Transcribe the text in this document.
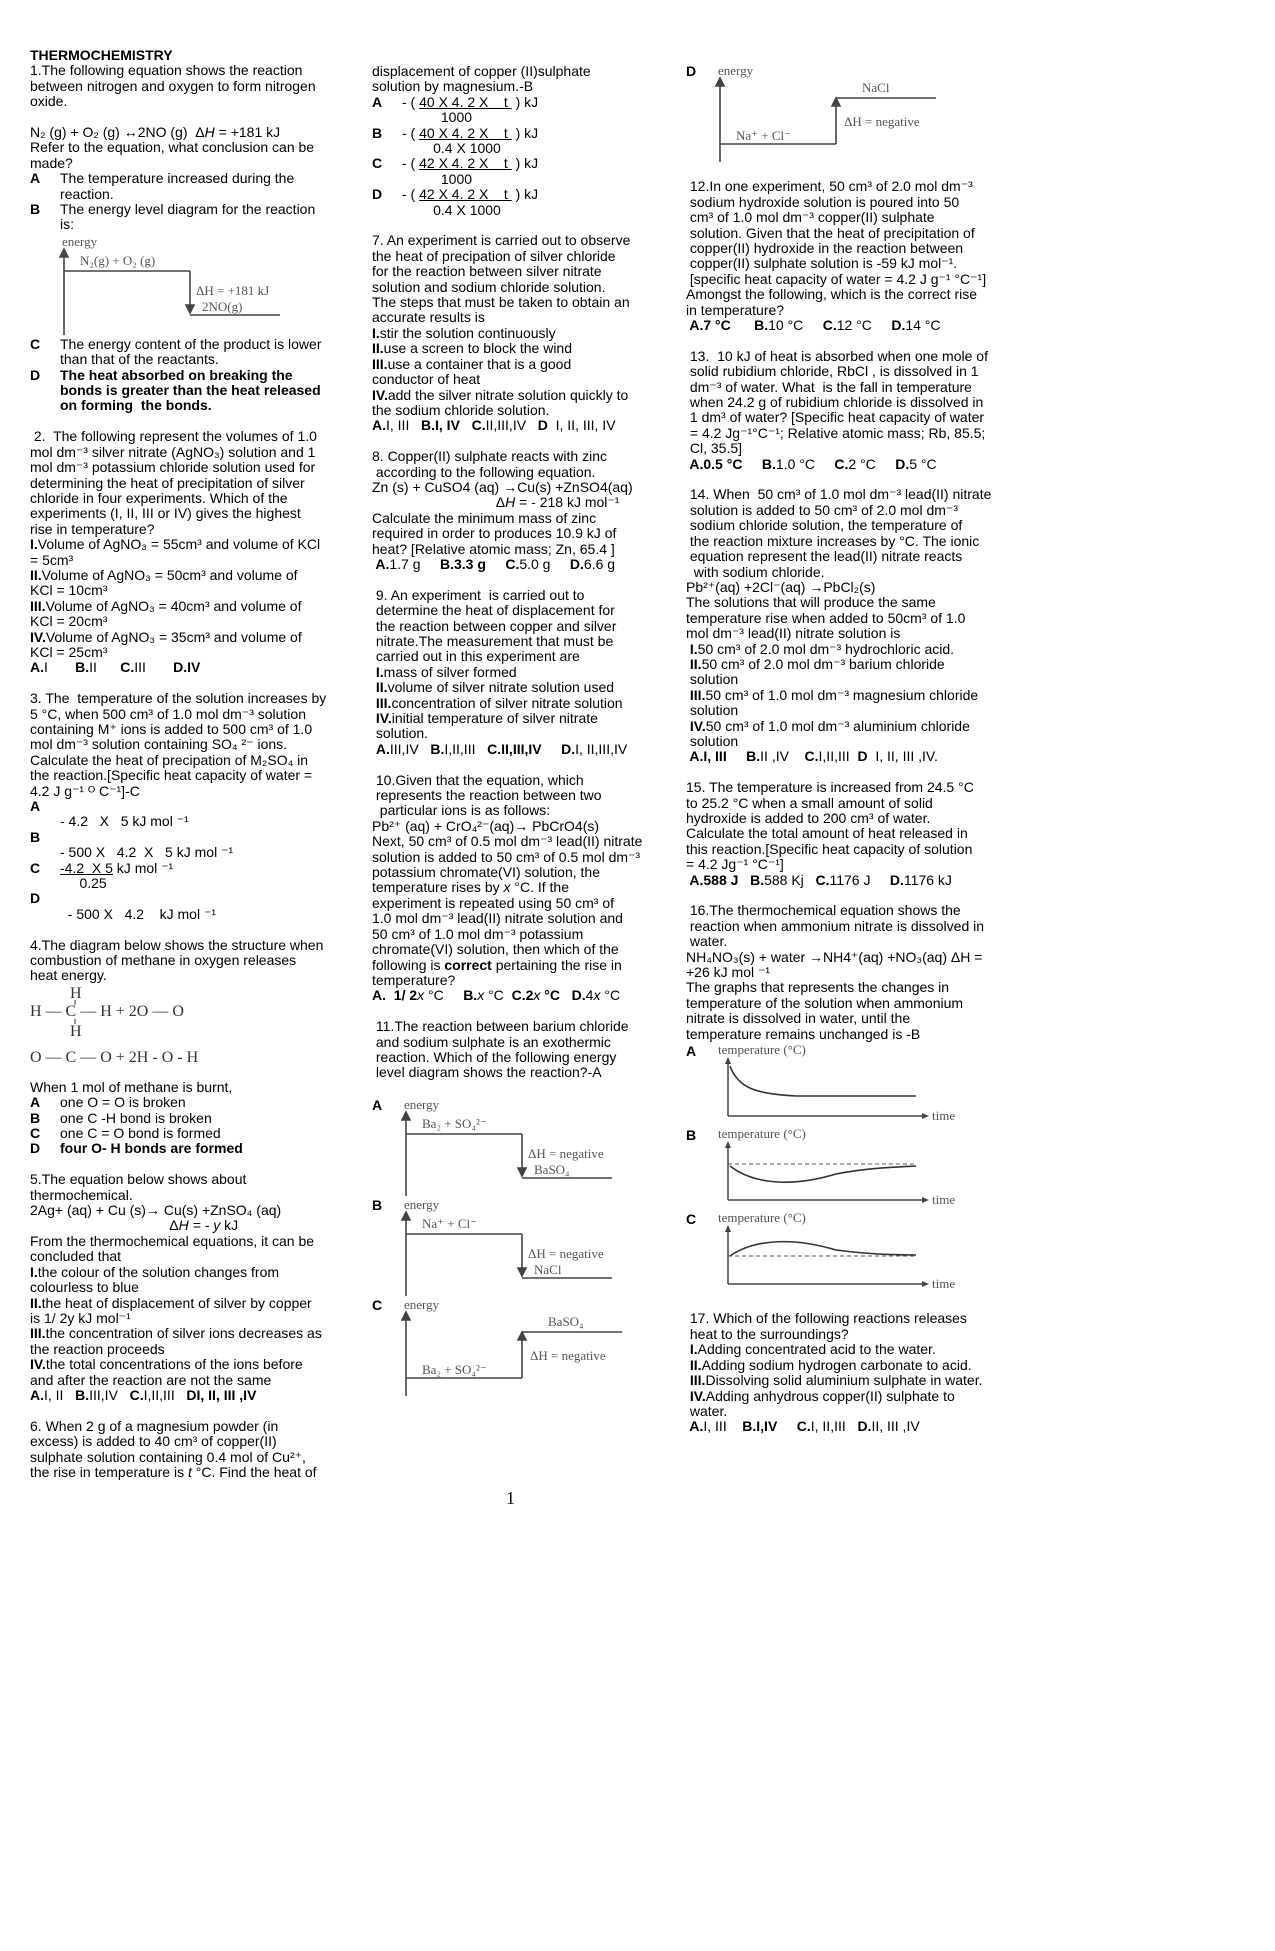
THERMOCHEMISTRY
1.The following equation shows the reaction
between nitrogen and oxygen to form nitrogen
oxide.
N₂ (g) + O₂ (g) ↔2NO (g)  ΔH = +181 kJ
Refer to the equation, what conclusion can be
made?
A	The temperature increased during the
reaction.
B	The energy level diagram for the reaction
is:
energy
N₂(g) + O₂ (g)
ΔH = +181 kJ
2NO(g)
C	The energy content of the product is lower
than that of the reactants.
D	The heat absorbed on breaking the
bonds is greater than the heat released
on forming  the bonds.
2.  The following represent the volumes of 1.0
mol dm⁻³ silver nitrate (AgNO₃) solution and 1
mol dm⁻³ potassium chloride solution used for
determining the heat of precipitation of silver
chloride in four experiments. Which of the
experiments (I, II, III or IV) gives the highest
rise in temperature?
I.Volume of AgNO₃ = 55cm³ and volume of KCl
= 5cm³
II.Volume of AgNO₃ = 50cm³ and volume of
KCl = 10cm³
III.Volume of AgNO₃ = 40cm³ and volume of
KCl = 20cm³
IV.Volume of AgNO₃ = 35cm³ and volume of
KCl = 25cm³
A.I       B.II      C.III       D.IV
3. The  temperature of the solution increases by
5 °C, when 500 cm³ of 1.0 mol dm⁻³ solution
containing M⁺ ions is added to 500 cm³ of 1.0
mol dm⁻³ solution containing SO₄ ²⁻ ions.
Calculate the heat of precipation of M₂SO₄ in
the reaction.[Specific heat capacity of water =
4.2 J g⁻¹ ᴼ C⁻¹]-C
A
- 4.2   X   5 kJ mol ⁻¹
B
- 500 X   4.2  X   5 kJ mol ⁻¹
C	-4.2  X 5 kJ mol ⁻¹
0.25
D
- 500 X   4.2    kJ mol ⁻¹
4.The diagram below shows the structure when
combustion of methane in oxygen releases
heat energy.
H
H — C — H + 2O — O
H
O — C — O + 2H - O - H
When 1 mol of methane is burnt,
A	one O = O is broken
B	one C -H bond is broken
C	one C = O bond is formed
D	four O- H bonds are formed
5.The equation below shows about
thermochemical.
2Ag+ (aq) + Cu (s)→ Cu(s) +ZnSO₄ (aq)
ΔH = - y kJ
From the thermochemical equations, it can be
concluded that
I.the colour of the solution changes from
colourless to blue
II.the heat of displacement of silver by copper
is 1/ 2y kJ mol⁻¹
III.the concentration of silver ions decreases as
the reaction proceeds
IV.the total concentrations of the ions before
and after the reaction are not the same
A.I, II   B.III,IV   C.I,II,III   DI, II, III ,IV
6. When 2 g of a magnesium powder (in
excess) is added to 40 cm³ of copper(II)
sulphate solution containing 0.4 mol of Cu²⁺,
the rise in temperature is t °C. Find the heat of
displacement of copper (II)sulphate
solution by magnesium.-B
A	- ( 40 X 4. 2 X    t  ) kJ
1000
B	- ( 40 X 4. 2 X    t  ) kJ
0.4 X 1000
C	- ( 42 X 4. 2 X    t  ) kJ
1000
D	- ( 42 X 4. 2 X    t  ) kJ
0.4 X 1000
7. An experiment is carried out to observe
the heat of precipation of silver chloride
for the reaction between silver nitrate
solution and sodium chloride solution.
The steps that must be taken to obtain an
accurate results is
I.stir the solution continuously
II.use a screen to block the wind
III.use a container that is a good
conductor of heat
IV.add the silver nitrate solution quickly to
the sodium chloride solution.
A.I, III   B.I, IV C.II,III,IV   D  I, II, III, IV
8. Copper(II) sulphate reacts with zinc
according to the following equation.
Zn (s) + CuSO4 (aq) →Cu(s) +ZnSO4(aq)
ΔH = - 218 kJ mol⁻¹
Calculate the minimum mass of zinc
required in order to produces 10.9 kJ of
heat? [Relative atomic mass; Zn, 65.4 ]
A.1.7 g     B.3.3 g C.5.0 g     D.6.6 g
9. An experiment  is carried out to
determine the heat of displacement for
the reaction between copper and silver
nitrate.The measurement that must be
carried out in this experiment are
I.mass of silver formed
II.volume of silver nitrate solution used
III.concentration of silver nitrate solution
IV.initial temperature of silver nitrate
solution.
A.III,IV   B.I,II,III   C.II,III,IV D.I, II,III,IV
10.Given that the equation, which
represents the reaction between two
particular ions is as follows:
Pb²⁺ (aq) + CrO₄²⁻(aq)→ PbCrO4(s)
Next, 50 cm³ of 0.5 mol dm⁻³ lead(II) nitrate
solution is added to 50 cm³ of 0.5 mol dm⁻³
potassium chromate(VI) solution, the
temperature rises by x °C. If the
experiment is repeated using 50 cm³ of
1.0 mol dm⁻³ lead(II) nitrate solution and
50 cm³ of 1.0 mol dm⁻³ potassium
chromate(VI) solution, then which of the
following is correct pertaining the rise in
temperature?
A.  1/ 2x °C     B.x °C  C.2x °C D.4x °C
11.The reaction between barium chloride
and sodium sulphate is an exothermic
reaction. Which of the following energy
level diagram shows the reaction?-A
A energy
Ba₂ + SO₄²⁻
ΔH = negative
BaSO₄
B energy
Na⁺ + Cl⁻
ΔH = negative
NaCl
C energy
Ba₂ + SO₄²⁻
ΔH = negative
BaSO₄
D energy
Na⁺ + Cl⁻
ΔH = negative
NaCl
12.In one experiment, 50 cm³ of 2.0 mol dm⁻³
sodium hydroxide solution is poured into 50
cm³ of 1.0 mol dm⁻³ copper(II) sulphate
solution. Given that the heat of precipitation of
copper(II) hydroxide in the reaction between
copper(II) sulphate solution is -59 kJ mol⁻¹.
[specific heat capacity of water = 4.2 J g⁻¹ °C⁻¹]
Amongst the following, which is the correct rise
in temperature?
A.7 °C B.10 °C     C.12 °C     D.14 °C
13.  10 kJ of heat is absorbed when one mole of
solid rubidium chloride, RbCl , is dissolved in 1
dm⁻³ of water. What  is the fall in temperature
when 24.2 g of rubidium chloride is dissolved in
1 dm³ of water? [Specific heat capacity of water
= 4.2 Jg⁻¹°C⁻¹; Relative atomic mass; Rb, 85.5;
Cl, 35.5]
A.0.5 °C B.1.0 °C     C.2 °C     D.5 °C
14. When  50 cm³ of 1.0 mol dm⁻³ lead(II) nitrate
solution is added to 50 cm³ of 2.0 mol dm⁻³
sodium chloride solution, the temperature of
the reaction mixture increases by °C. The ionic
equation represent the lead(II) nitrate reacts
with sodium chloride.
Pb²⁺(aq) +2Cl⁻(aq) →PbCl₂(s)
The solutions that will produce the same
temperature rise when added to 50cm³ of 1.0
mol dm⁻³ lead(II) nitrate solution is
I.50 cm³ of 2.0 mol dm⁻³ hydrochloric acid.
II.50 cm³ of 2.0 mol dm⁻³ barium chloride
solution
III.50 cm³ of 1.0 mol dm⁻³ magnesium chloride
solution
IV.50 cm³ of 1.0 mol dm⁻³ aluminium chloride
solution
A.I, III B.II ,IV    C.I,II,III  D  I, II, III ,IV.
15. The temperature is increased from 24.5 °C
to 25.2 °C when a small amount of solid
hydroxide is added to 200 cm³ of water.
Calculate the total amount of heat released in
this reaction.[Specific heat capacity of solution
= 4.2 Jg⁻¹ °C⁻¹]
A.588 J B.588 Kj   C.1176 J     D.1176 kJ
16.The thermochemical equation shows the
reaction when ammonium nitrate is dissolved in
water.
NH₄NO₃(s) + water →NH4⁺(aq) +NO₃(aq) ΔH =
+26 kJ mol ⁻¹
The graphs that represents the changes in
temperature of the solution when ammonium
nitrate is dissolved in water, until the
temperature remains unchanged is -B
A temperature (°C)
time
B temperature (°C)
time
C temperature (°C)
time
17. Which of the following reactions releases
heat to the surroundings?
I.Adding concentrated acid to the water.
II.Adding sodium hydrogen carbonate to acid.
III.Dissolving solid aluminium sulphate in water.
IV.Adding anhydrous copper(II) sulphate to
water.
A.I, III    B.I,IV C.I, II,III   D.II, III ,IV
1
